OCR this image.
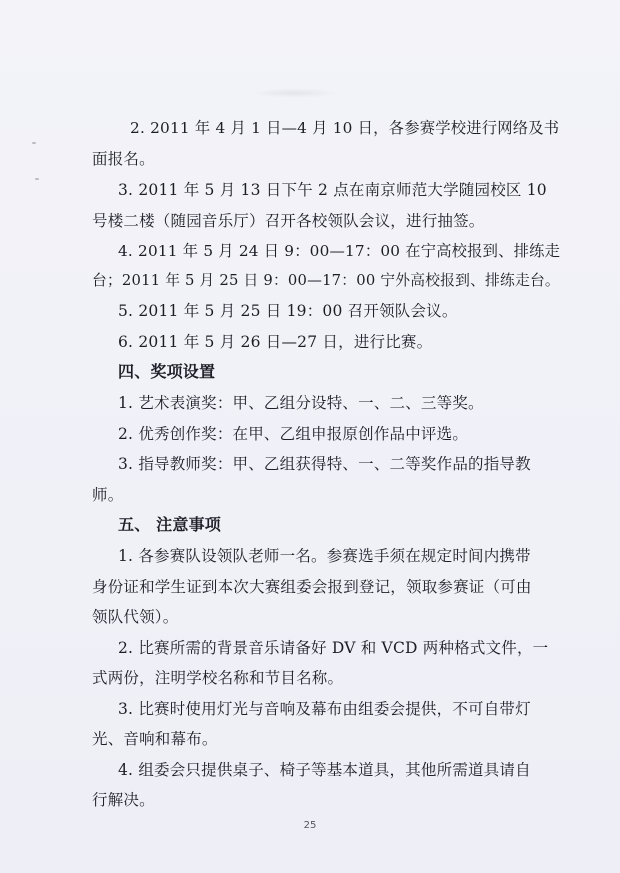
2. 2011 年 4 月 1 日—4 月 10 日，各参赛学校进行网络及书
面报名。
3. 2011 年 5 月 13 日下午 2 点在南京师范大学随园校区 10
号楼二楼（随园音乐厅）召开各校领队会议，进行抽签。
4. 2011 年 5 月 24 日 9：00—17：00 在宁高校报到、排练走
台；2011 年 5 月 25 日 9：00—17：00 宁外高校报到、排练走台。
5. 2011 年 5 月 25 日 19：00 召开领队会议。
6. 2011 年 5 月 26 日—27 日，进行比赛。
四、奖项设置
1. 艺术表演奖：甲、乙组分设特、一、二、三等奖。
2. 优秀创作奖：在甲、乙组申报原创作品中评选。
3. 指导教师奖：甲、乙组获得特、一、二等奖作品的指导教
师。
五、 注意事项
1. 各参赛队设领队老师一名。参赛选手须在规定时间内携带
身份证和学生证到本次大赛组委会报到登记，领取参赛证（可由
领队代领）。
2. 比赛所需的背景音乐请备好 DV 和 VCD 两种格式文件，一
式两份，注明学校名称和节目名称。
3. 比赛时使用灯光与音响及幕布由组委会提供，不可自带灯
光、音响和幕布。
4. 组委会只提供桌子、椅子等基本道具，其他所需道具请自
行解决。
25
